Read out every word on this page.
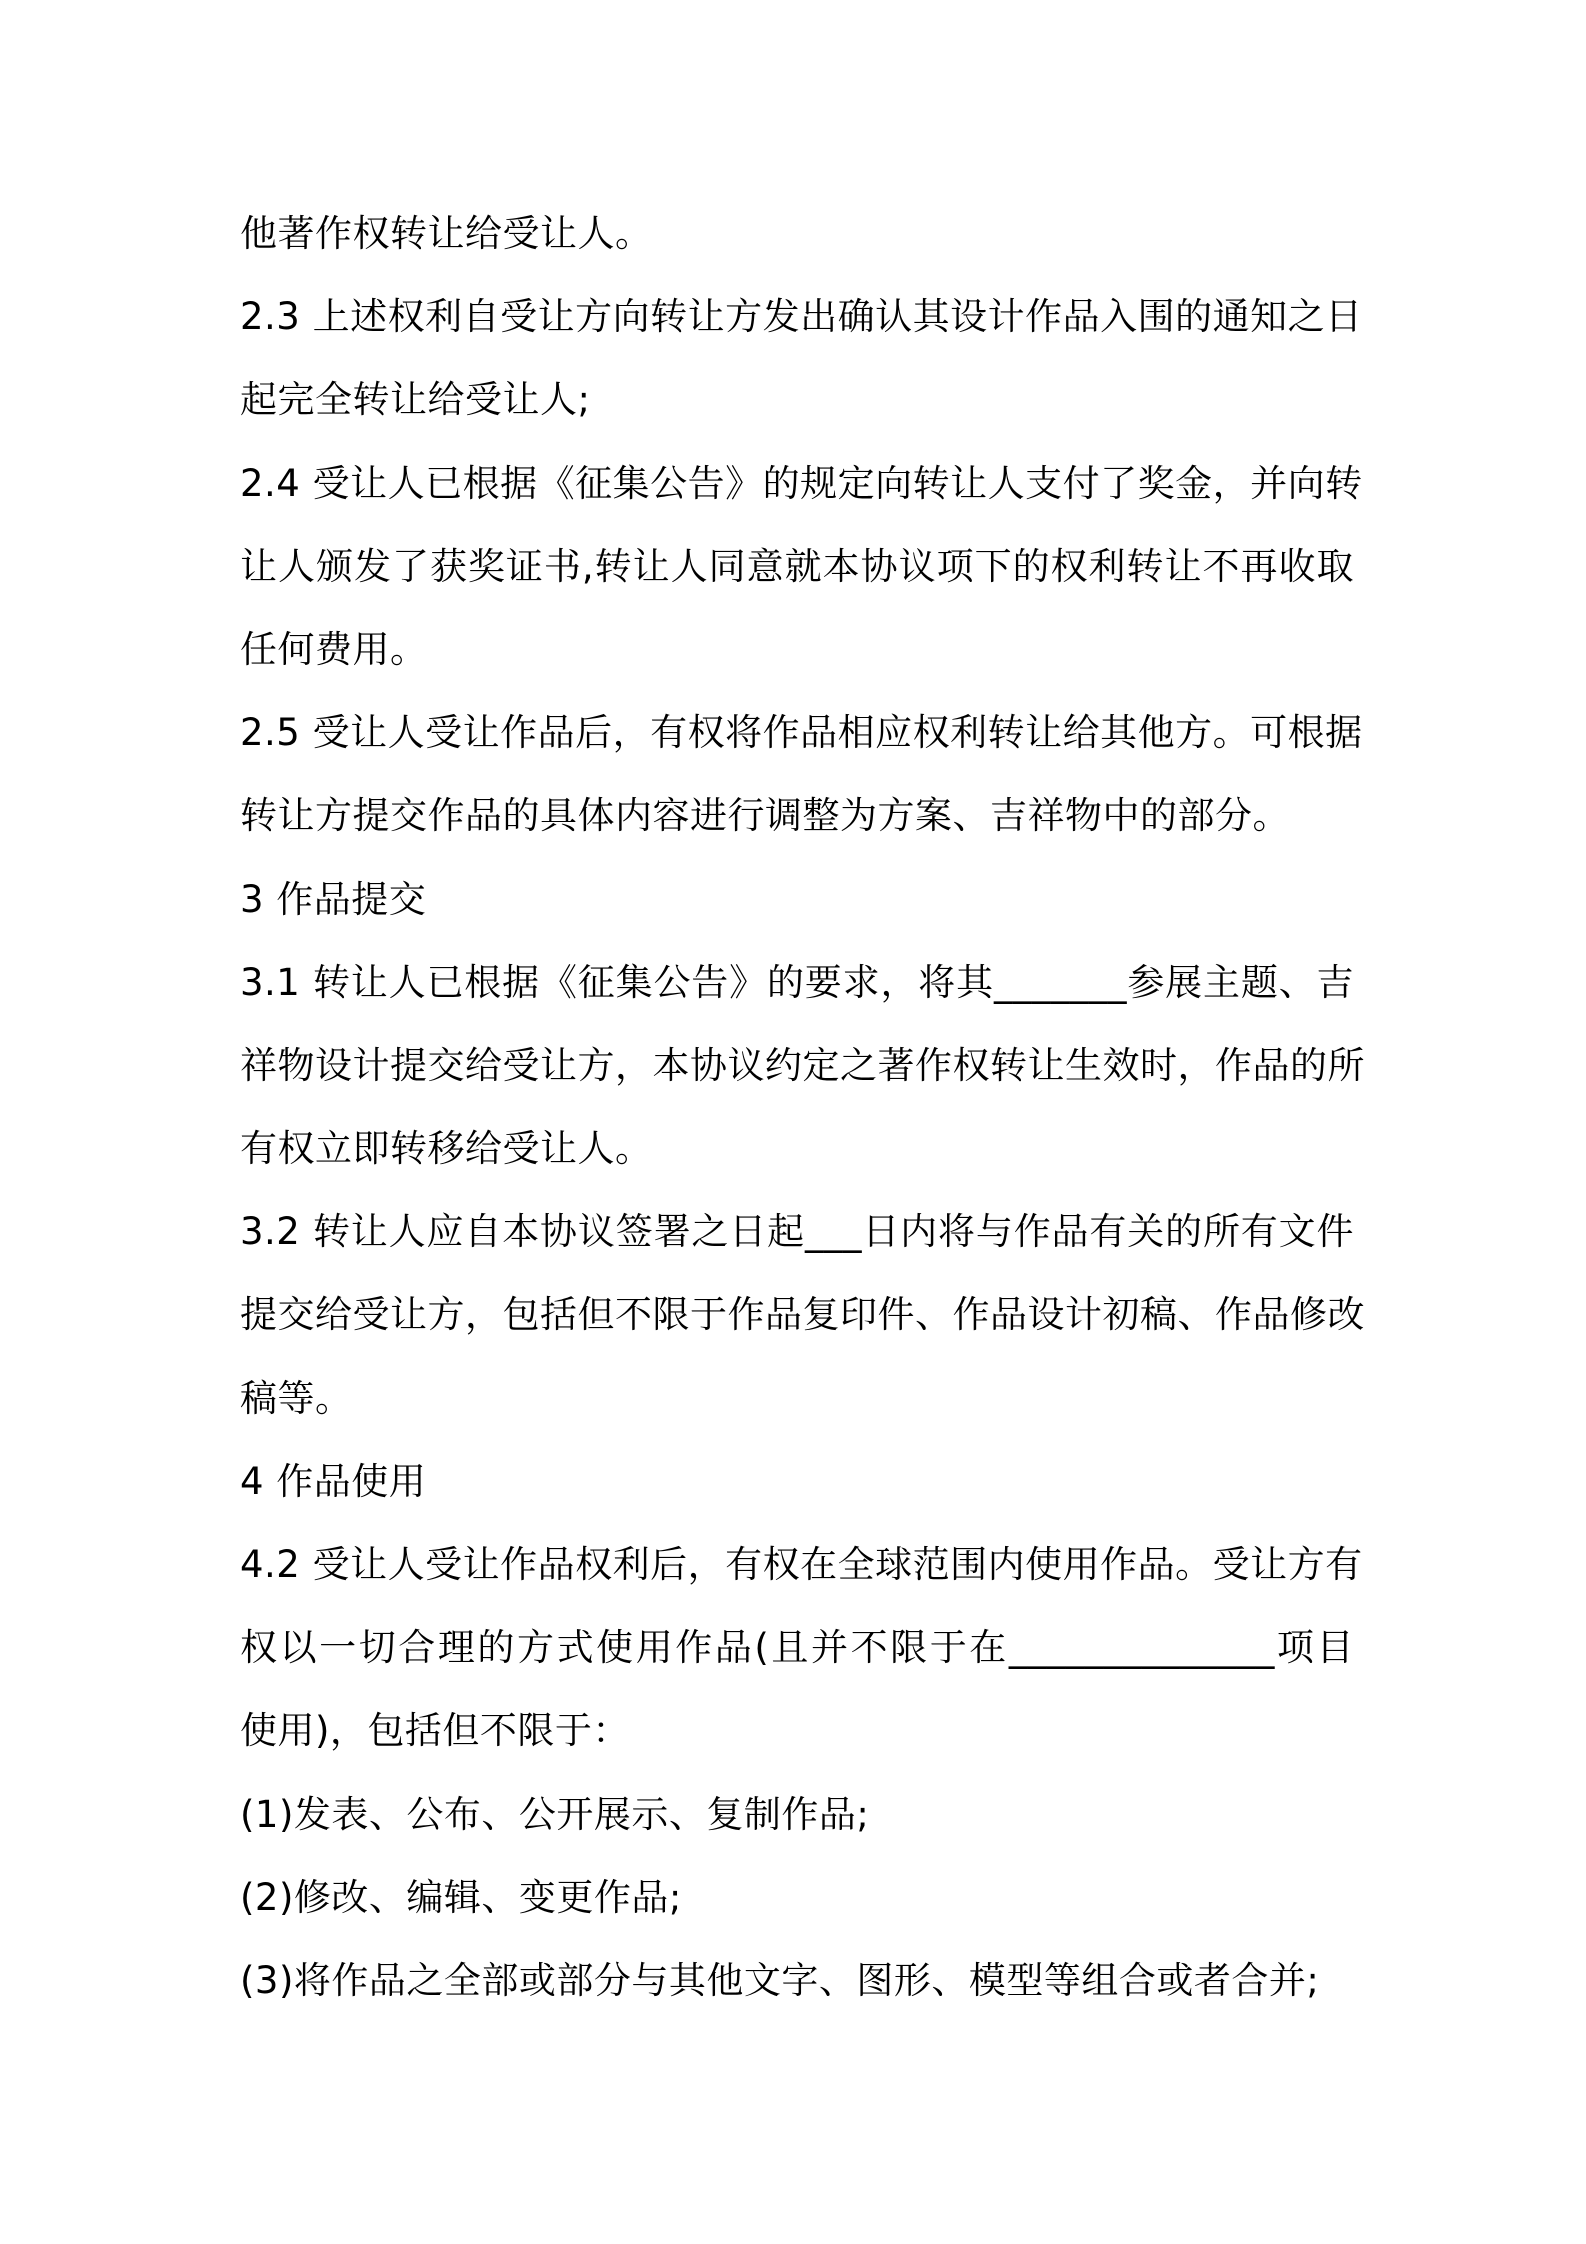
他著作权转让给受让人。
2.3 上述权利自受让方向转让方发出确认其设计作品入围的通知之日
起完全转让给受让人;
2.4 受让人已根据《征集公告》的规定向转让人支付了奖金，并向转
让人颁发了获奖证书,转让人同意就本协议项下的权利转让不再收取
任何费用。
2.5 受让人受让作品后，有权将作品相应权利转让给其他方。可根据
转让方提交作品的具体内容进行调整为方案、吉祥物中的部分。
3 作品提交
3.1 转让人已根据《征集公告》的要求，将其_______参展主题、吉
祥物设计提交给受让方，本协议约定之著作权转让生效时，作品的所
有权立即转移给受让人。
3.2 转让人应自本协议签署之日起___日内将与作品有关的所有文件
提交给受让方，包括但不限于作品复印件、作品设计初稿、作品修改
稿等。
4 作品使用
4.2 受让人受让作品权利后，有权在全球范围内使用作品。受让方有
权以一切合理的方式使用作品(且并不限于在______________项目
使用)，包括但不限于：
(1)发表、公布、公开展示、复制作品;
(2)修改、编辑、变更作品;
(3)将作品之全部或部分与其他文字、图形、模型等组合或者合并;
